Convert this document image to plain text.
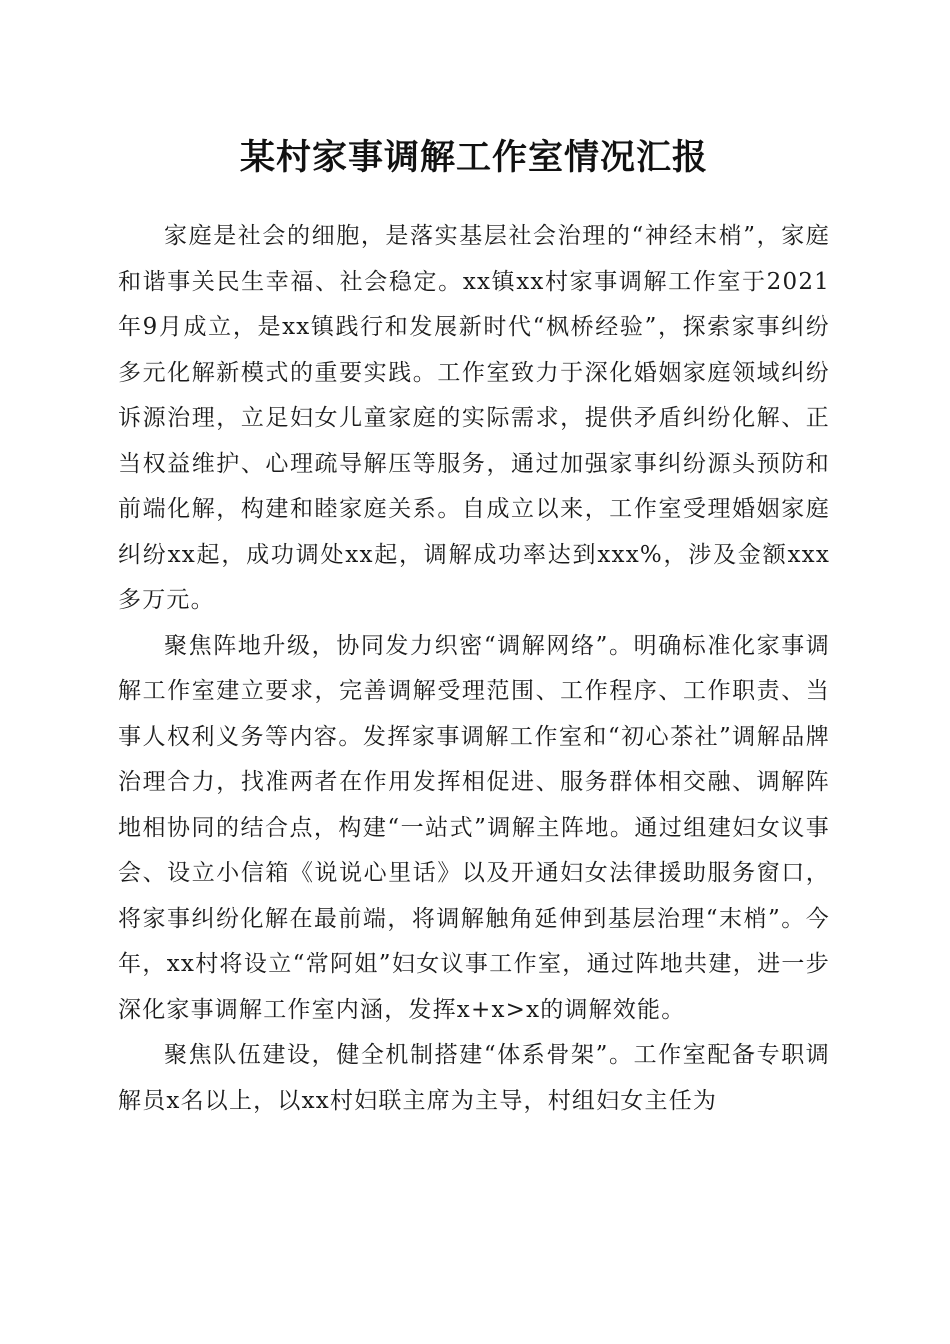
某村家事调解工作室情况汇报

家庭是社会的细胞，是落实基层社会治理的“神经末梢”，家庭和谐事关民生幸福、社会稳定。xx镇xx村家事调解工作室于2021年9月成立，是xx镇践行和发展新时代“枫桥经验”，探索家事纠纷多元化解新模式的重要实践。工作室致力于深化婚姻家庭领域纠纷诉源治理，立足妇女儿童家庭的实际需求，提供矛盾纠纷化解、正当权益维护、心理疏导解压等服务，通过加强家事纠纷源头预防和前端化解，构建和睦家庭关系。自成立以来，工作室受理婚姻家庭纠纷xx起，成功调处xx起，调解成功率达到xxx%，涉及金额xxx多万元。

聚焦阵地升级，协同发力织密“调解网络”。明确标准化家事调解工作室建立要求，完善调解受理范围、工作程序、工作职责、当事人权利义务等内容。发挥家事调解工作室和“初心茶社”调解品牌治理合力，找准两者在作用发挥相促进、服务群体相交融、调解阵地相协同的结合点，构建“一站式”调解主阵地。通过组建妇女议事会、设立小信箱《说说心里话》以及开通妇女法律援助服务窗口，将家事纠纷化解在最前端，将调解触角延伸到基层治理“末梢”。今年，xx村将设立“常阿姐”妇女议事工作室，通过阵地共建，进一步深化家事调解工作室内涵，发挥x+x>x的调解效能。

聚焦队伍建设，健全机制搭建“体系骨架”。工作室配备专职调解员x名以上，以xx村妇联主席为主导，村组妇女主任为
